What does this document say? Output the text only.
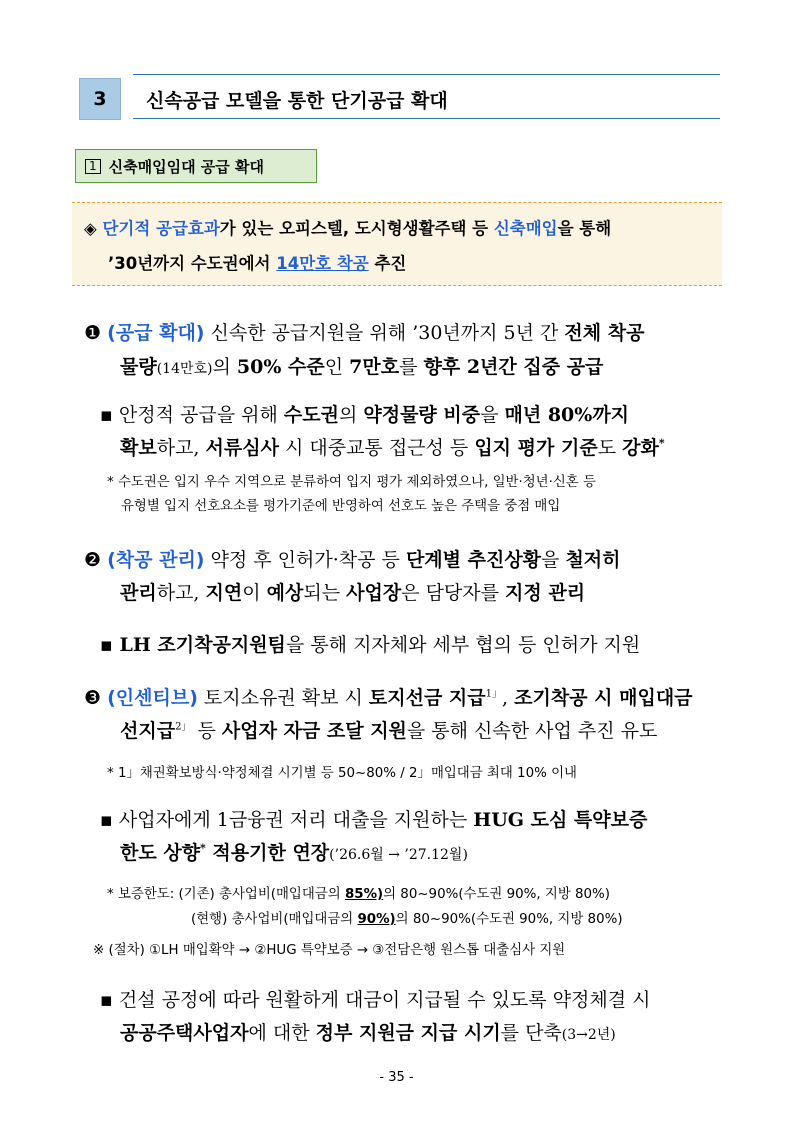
3	신속공급 모델을 통한 단기공급 확대
1 신축매입임대 공급 확대
◈ 단기적 공급효과가 있는 오피스텔, 도시형생활주택 등 신축매입을 통해
’30년까지 수도권에서 14만호 착공 추진
❶ (공급 확대) 신속한 공급지원을 위해 ’30년까지 5년 간 전체 착공
물량(14만호)의 50% 수준인 7만호를 향후 2년간 집중 공급
▪ 안정적 공급을 위해 수도권의 약정물량 비중을 매년 80%까지
확보하고, 서류심사 시 대중교통 접근성 등 입지 평가 기준도 강화*
* 수도권은 입지 우수 지역으로 분류하여 입지 평가 제외하였으나, 일반·청년·신혼 등
유형별 입지 선호요소를 평가기준에 반영하여 선호도 높은 주택을 중점 매입
❷ (착공 관리) 약정 후 인허가·착공 등 단계별 추진상황을 철저히
관리하고, 지연이 예상되는 사업장은 담당자를 지정 관리
▪ LH 조기착공지원팀을 통해 지자체와 세부 협의 등 인허가 지원
❸ (인센티브) 토지소유권 확보 시 토지선금 지급$^{1」}$, 조기착공 시 매입대금
선지급$^{2」}$ 등 사업자 자금 조달 지원을 통해 신속한 사업 추진 유도
* 1」채권확보방식·약정체결 시기별 등 50~80% / 2」매입대금 최대 10% 이내
▪ 사업자에게 1금융권 저리 대출을 지원하는 HUG 도심 특약보증
한도 상향* 적용기한 연장(’26.6월 → ’27.12월)
* 보증한도: (기존) 총사업비(매입대금의 85%)의 80~90%(수도권 90%, 지방 80%)
(현행) 총사업비(매입대금의 90%)의 80~90%(수도권 90%, 지방 80%)
※ (절차) ①LH 매입확약 → ②HUG 특약보증 → ③전담은행 원스톱 대출심사 지원
▪ 건설 공정에 따라 원활하게 대금이 지급될 수 있도록 약정체결 시
공공주택사업자에 대한 정부 지원금 지급 시기를 단축(3→2년)
- 35 -
